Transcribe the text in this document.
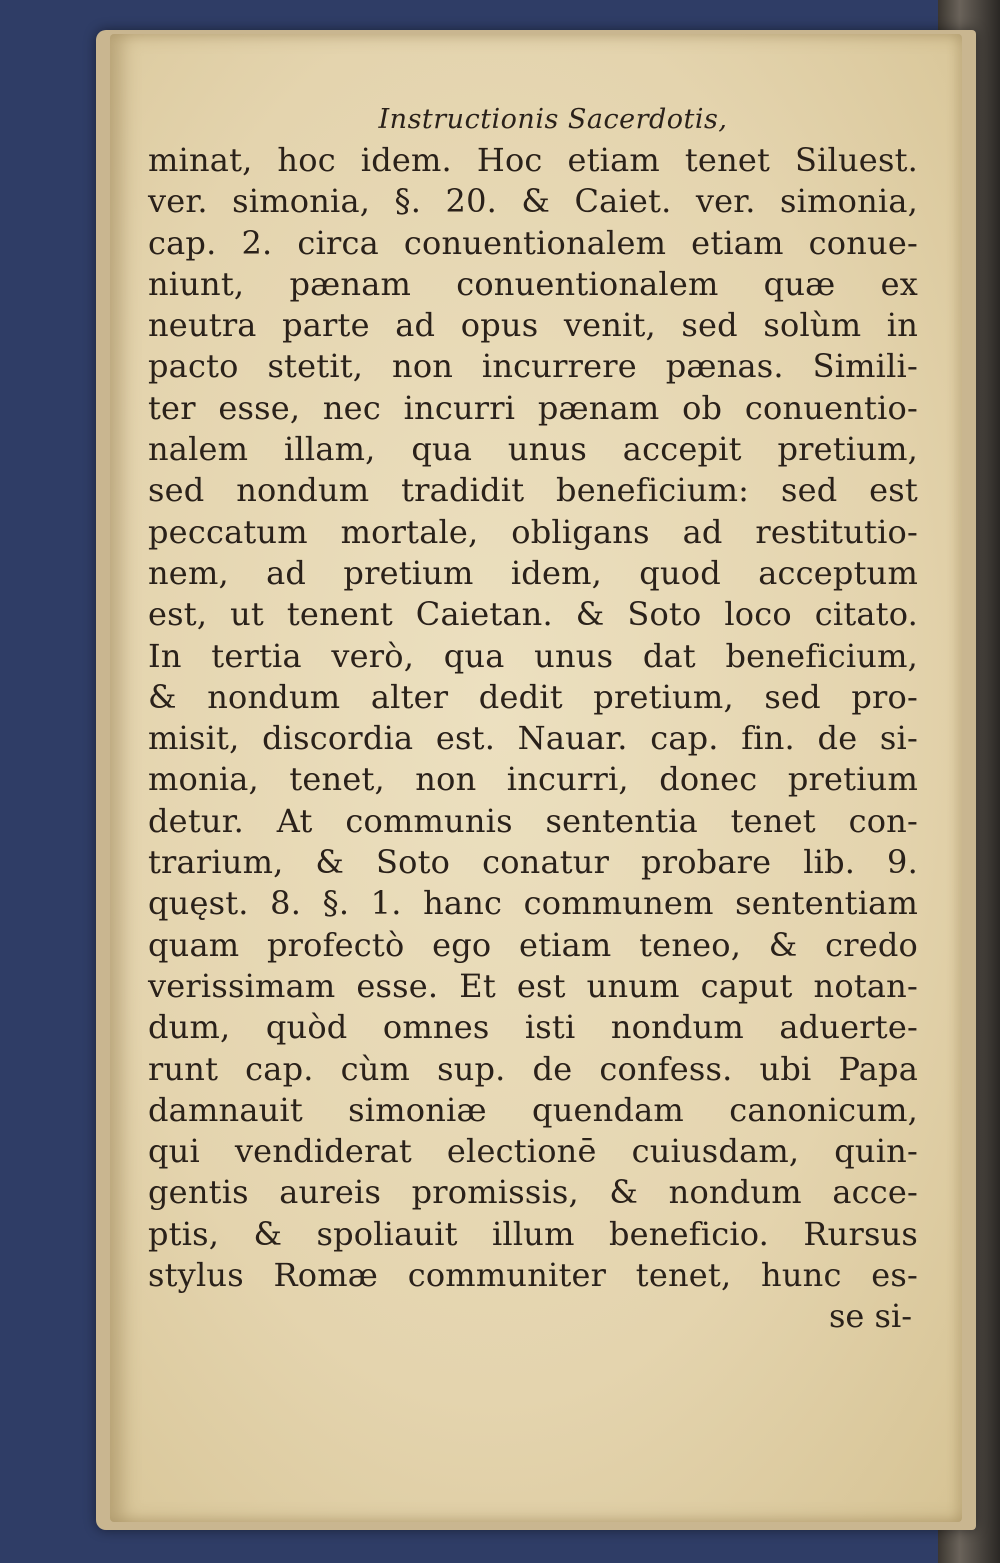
Instructionis Sacerdotis,
minat, hoc idem. Hoc etiam tenet Siluest.
ver. simonia, §. 20. & Caiet. ver. simonia,
cap. 2. circa conuentionalem etiam conue-
niunt, pænam conuentionalem quæ ex
neutra parte ad opus venit, sed solùm in
pacto stetit, non incurrere pænas. Simili-
ter esse, nec incurri pænam ob conuentio-
nalem illam, qua unus accepit pretium,
sed nondum tradidit beneficium: sed est
peccatum mortale, obligans ad restitutio-
nem, ad pretium idem, quod acceptum
est, ut tenent Caietan. & Soto loco citato.
In tertia verò, qua unus dat beneficium,
& nondum alter dedit pretium, sed pro-
misit, discordia est. Nauar. cap. fin. de si-
monia, tenet, non incurri, donec pretium
detur. At communis sententia tenet con-
trarium, & Soto conatur probare lib. 9.
quęst. 8. §. 1. hanc communem sententiam
quam profectò ego etiam teneo, & credo
verissimam esse. Et est unum caput notan-
dum, quòd omnes isti nondum aduerte-
runt cap. cùm sup. de confess. ubi Papa
damnauit simoniæ quendam canonicum,
qui vendiderat electionē cuiusdam, quin-
gentis aureis promissis, & nondum acce-
ptis, & spoliauit illum beneficio. Rursus
stylus Romæ communiter tenet, hunc es-
se si-
